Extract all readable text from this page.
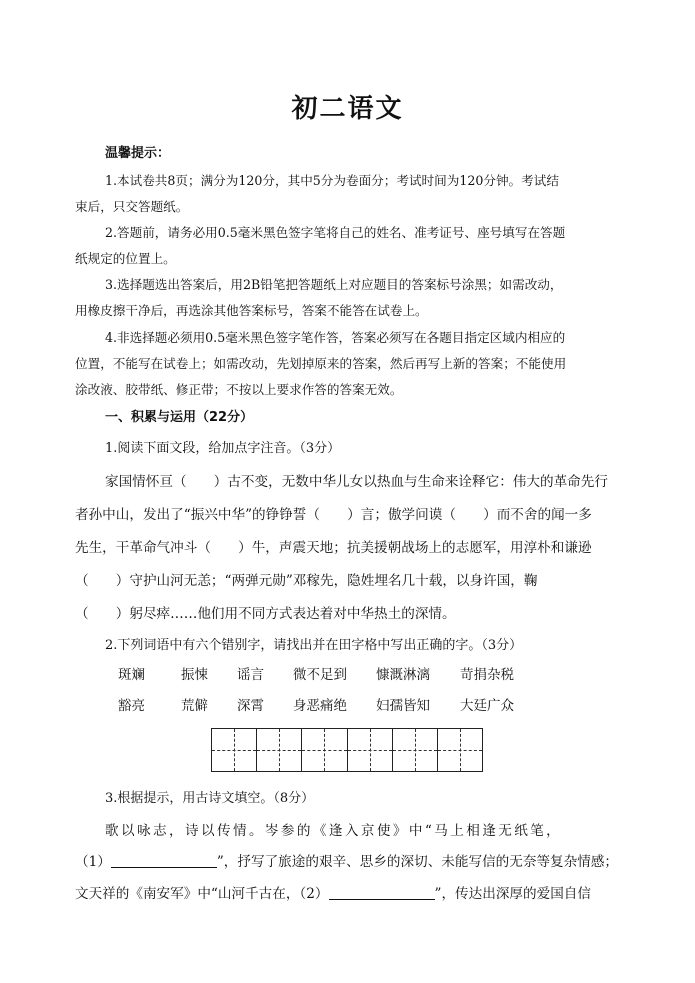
初二语文
温馨提示：
1.本试卷共8页；满分为120分，其中5分为卷面分；考试时间为120分钟。考试结
束后，只交答题纸。
2.答题前，请务必用0.5毫米黑色签字笔将自己的姓名、准考证号、座号填写在答题
纸规定的位置上。
3.选择题选出答案后，用2B铅笔把答题纸上对应题目的答案标号涂黑；如需改动，
用橡皮擦干净后，再选涂其他答案标号，答案不能答在试卷上。
4.非选择题必须用0.5毫米黑色签字笔作答，答案必须写在各题目指定区域内相应的
位置，不能写在试卷上；如需改动，先划掉原来的答案，然后再写上新的答案；不能使用
涂改液、胶带纸、修正带；不按以上要求作答的答案无效。
一、积累与运用（22分）
1.阅读下面文段，给加点字注音。（3分）
家国情怀亘（　　）古不变，无数中华儿女以热血与生命来诠释它：伟大的革命先行
者孙中山，发出了“振兴中华”的铮铮誓（　　）言；傲学问谟（　　）而不舍的闻一多
先生，干革命气冲斗（　　）牛，声震天地；抗美援朝战场上的志愿军，用淳朴和谦逊
（　　）守护山河无恙；“两弹元勋”邓稼先，隐姓埋名几十载，以身许国，鞠
（　　）躬尽瘁……他们用不同方式表达着对中华热土的深情。
2.下列词语中有六个错别字，请找出并在田字格中写出正确的字。（3分）
斑斓	振悚 谣言 微不足到 慷溉淋漓 苛捐杂税
豁亮	荒僻 深霄 身恶痛绝 妇孺皆知 大廷广众
3.根据提示，用古诗文填空。（8分）
歌以咏志，诗以传情。岑参的《逢入京使》中“马上相逢无纸笔，
（1）	”，抒写了旅途的艰辛、思乡的深切、未能写信的无奈等复杂情感；
文天祥的《南安军》中“山河千古在，（2）	”，传达出深厚的爱国自信
